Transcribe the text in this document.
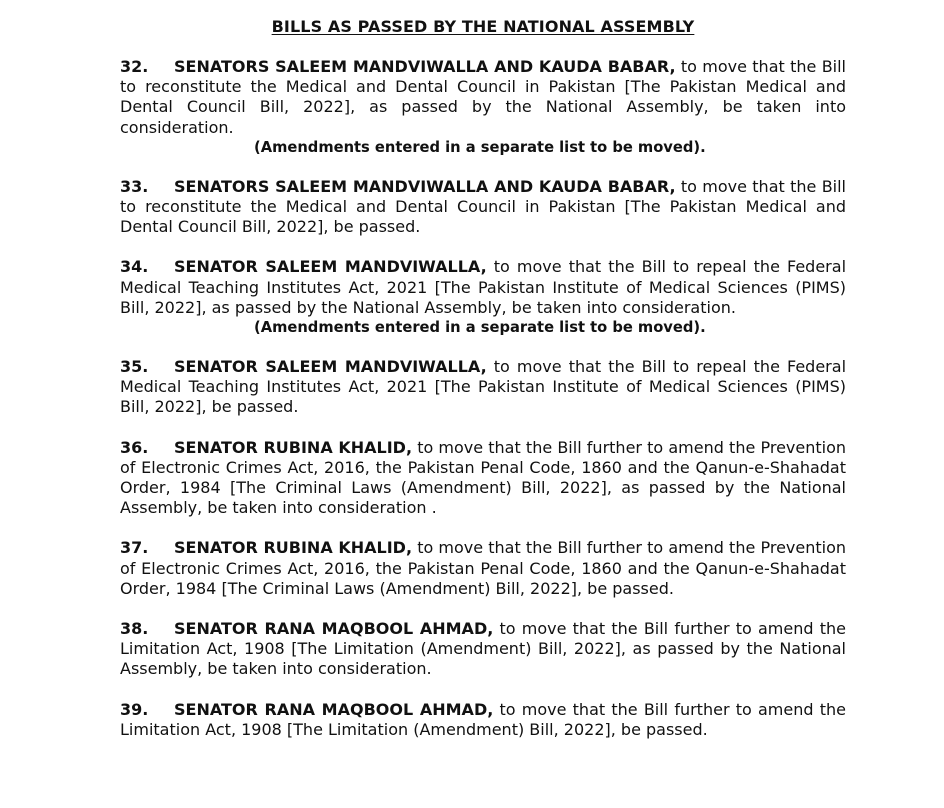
BILLS AS PASSED BY THE NATIONAL ASSEMBLY

32. SENATORS SALEEM MANDVIWALLA AND KAUDA BABAR, to move that the Bill to reconstitute the Medical and Dental Council in Pakistan [The Pakistan Medical and Dental Council Bill, 2022], as passed by the National Assembly, be taken into consideration.

(Amendments entered in a separate list to be moved).

33. SENATORS SALEEM MANDVIWALLA AND KAUDA BABAR, to move that the Bill to reconstitute the Medical and Dental Council in Pakistan [The Pakistan Medical and Dental Council Bill, 2022], be passed.

34. SENATOR SALEEM MANDVIWALLA, to move that the Bill to repeal the Federal Medical Teaching Institutes Act, 2021 [The Pakistan Institute of Medical Sciences (PIMS) Bill, 2022], as passed by the National Assembly, be taken into consideration.

(Amendments entered in a separate list to be moved).

35. SENATOR SALEEM MANDVIWALLA, to move that the Bill to repeal the Federal Medical Teaching Institutes Act, 2021 [The Pakistan Institute of Medical Sciences (PIMS) Bill, 2022], be passed.

36. SENATOR RUBINA KHALID, to move that the Bill further to amend the Prevention of Electronic Crimes Act, 2016, the Pakistan Penal Code, 1860 and the Qanun-e-Shahadat Order, 1984 [The Criminal Laws (Amendment) Bill, 2022], as passed by the National Assembly, be taken into consideration .

37. SENATOR RUBINA KHALID, to move that the Bill further to amend the Prevention of Electronic Crimes Act, 2016, the Pakistan Penal Code, 1860 and the Qanun-e-Shahadat Order, 1984 [The Criminal Laws (Amendment) Bill, 2022], be passed.

38. SENATOR RANA MAQBOOL AHMAD, to move that the Bill further to amend the Limitation Act, 1908 [The Limitation (Amendment) Bill, 2022], as passed by the National Assembly, be taken into consideration.

39. SENATOR RANA MAQBOOL AHMAD, to move that the Bill further to amend the Limitation Act, 1908 [The Limitation (Amendment) Bill, 2022], be passed.
